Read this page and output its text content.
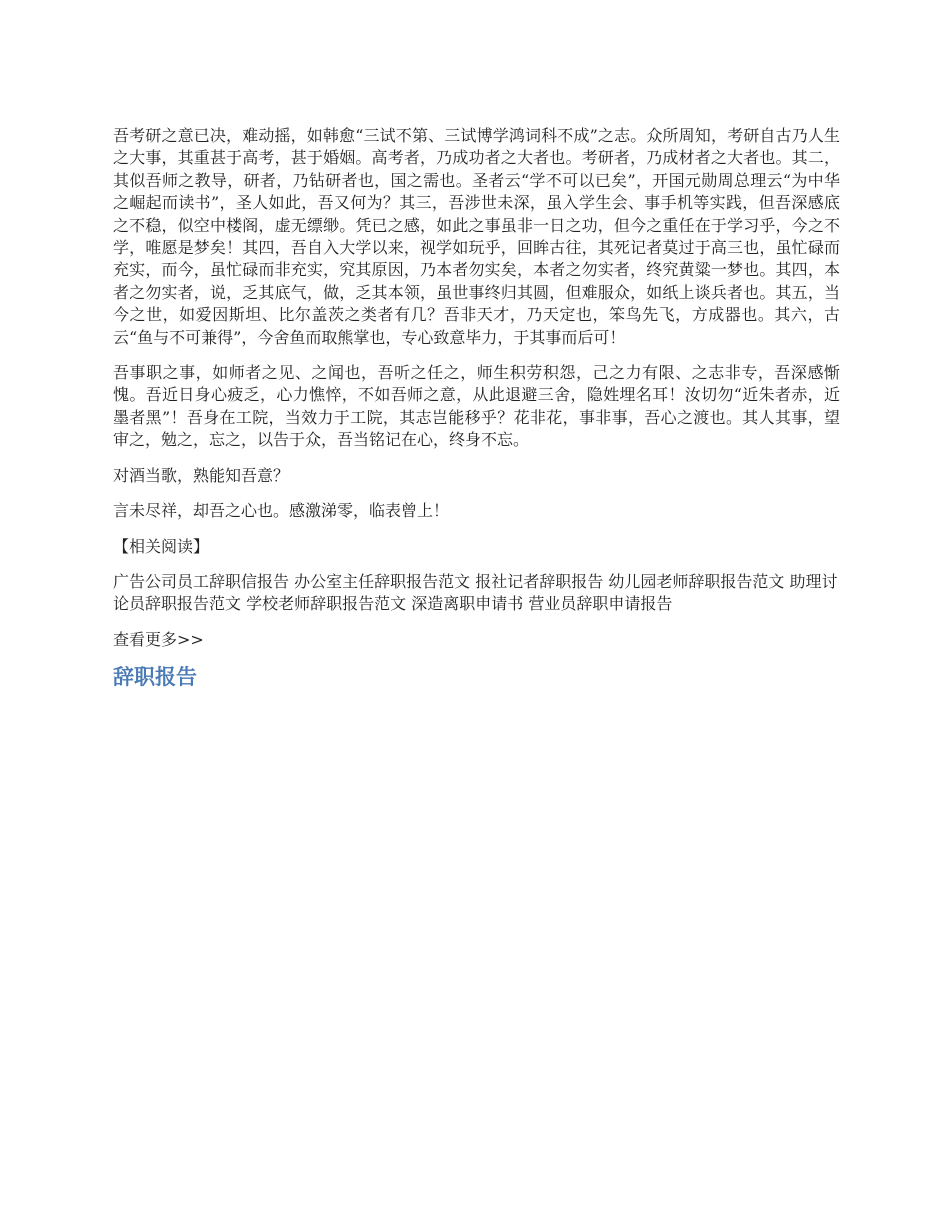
吾考研之意已决，难动摇，如韩愈“三试不第、三试博学鸿词科不成”之志。众所周知，考研自古乃人生之大事，其重甚于高考，甚于婚姻。高考者，乃成功者之大者也。考研者，乃成材者之大者也。其二，其似吾师之教导，研者，乃钻研者也，国之需也。圣者云“学不可以已矣”，开国元勋周总理云“为中华之崛起而读书”，圣人如此，吾又何为？其三，吾涉世未深，虽入学生会、事手机等实践，但吾深感底之不稳，似空中楼阁，虚无缥缈。凭已之感，如此之事虽非一日之功，但今之重任在于学习乎，今之不学，唯愿是梦矣！其四，吾自入大学以来，视学如玩乎，回眸古往，其死记者莫过于高三也，虽忙碌而充实，而今，虽忙碌而非充实，究其原因，乃本者勿实矣，本者之勿实者，终究黄粱一梦也。其四，本者之勿实者，说，乏其底气，做，乏其本领，虽世事终归其圆，但难服众，如纸上谈兵者也。其五，当今之世，如爱因斯坦、比尔盖茨之类者有几？吾非天才，乃天定也，笨鸟先飞，方成器也。其六，古云“鱼与不可兼得”，今舍鱼而取熊掌也，专心致意毕力，于其事而后可！

吾事职之事，如师者之见、之闻也，吾听之任之，师生积劳积怨，己之力有限、之志非专，吾深感惭愧。吾近日身心疲乏，心力憔悴，不如吾师之意，从此退避三舍，隐姓埋名耳！汝切勿“近朱者赤，近墨者黑”！吾身在工院，当效力于工院，其志岂能移乎？花非花，事非事，吾心之渡也。其人其事，望审之，勉之，忘之，以告于众，吾当铭记在心，终身不忘。

对酒当歌，熟能知吾意？

言未尽祥，却吾之心也。感激涕零，临表曾上！

【相关阅读】

广告公司员工辞职信报告 办公室主任辞职报告范文 报社记者辞职报告 幼儿园老师辞职报告范文 助理讨论员辞职报告范文 学校老师辞职报告范文 深造离职申请书 营业员辞职申请报告
查看更多>>
辞职报告
